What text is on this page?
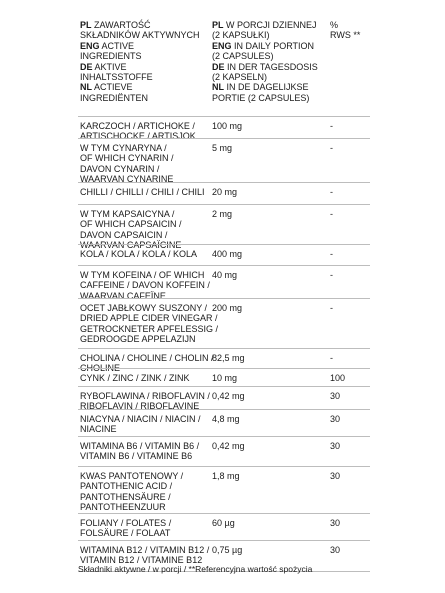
PL ZAWARTOŚĆ
SKŁADNIKÓW AKTYWNYCH
ENG ACTIVE
INGREDIENTS
DE AKTIVE
INHALTSSTOFFE
NL ACTIEVE
INGREDIËNTEN
PL W PORCJI DZIENNEJ
(2 KAPSUŁKI)
ENG IN DAILY PORTION
(2 CAPSULES)
DE IN DER TAGESDOSIS
(2 KAPSELN)
NL IN DE DAGELIJKSE
PORTIE (2 CAPSULES)
%
RWS **
KARCZOCH / ARTICHOKE /
ARTISCHOCKE / ARTISJOK
100 mg	-
W TYM CYNARYNA /
OF WHICH CYNARIN /
DAVON CYNARIN /
WAARVAN CYNARINE
5 mg	-
CHILLI / CHILLI / CHILI / CHILI 20 mg	-
W TYM KAPSAICYNA /
OF WHICH CAPSAICIN /
DAVON CAPSAICIN /
WAARVAN CAPSAÏCINE
2 mg	-
KOLA / KOLA / KOLA / KOLA	400 mg	-
W TYM KOFEINA / OF WHICH
CAFFEINE / DAVON KOFFEIN /
WAARVAN CAFEÏNE
40 mg	-
OCET JABŁKOWY SUSZONY /
DRIED APPLE CIDER VINEGAR /
GETROCKNETER APFELESSIG /
GEDROOGDE APPELAZIJN
200 mg	-
CHOLINA / CHOLINE / CHOLIN /
CHOLINE
82,5 mg	-
CYNK / ZINC / ZINK / ZINK	10 mg	100
RYBOFLAWINA / RIBOFLAVIN /
RIBOFLAVIN / RIBOFLAVINE
0,42 mg	30
NIACYNA / NIACIN / NIACIN /
NIACINE
4,8 mg	30
WITAMINA B6 / VITAMIN B6 /
VITAMIN B6 / VITAMINE B6
0,42 mg	30
KWAS PANTOTENOWY /
PANTOTHENIC ACID /
PANTOTHENSÄURE /
PANTOTHEENZUUR
1,8 mg	30
FOLIANY / FOLATES /
FOLSÄURE / FOLAAT
60 µg	30
WITAMINA B12 / VITAMIN B12 /
VITAMIN B12 / VITAMINE B12
0,75 µg	30
Składniki aktywne / w porcji / **Referencyjna wartość spożycia
